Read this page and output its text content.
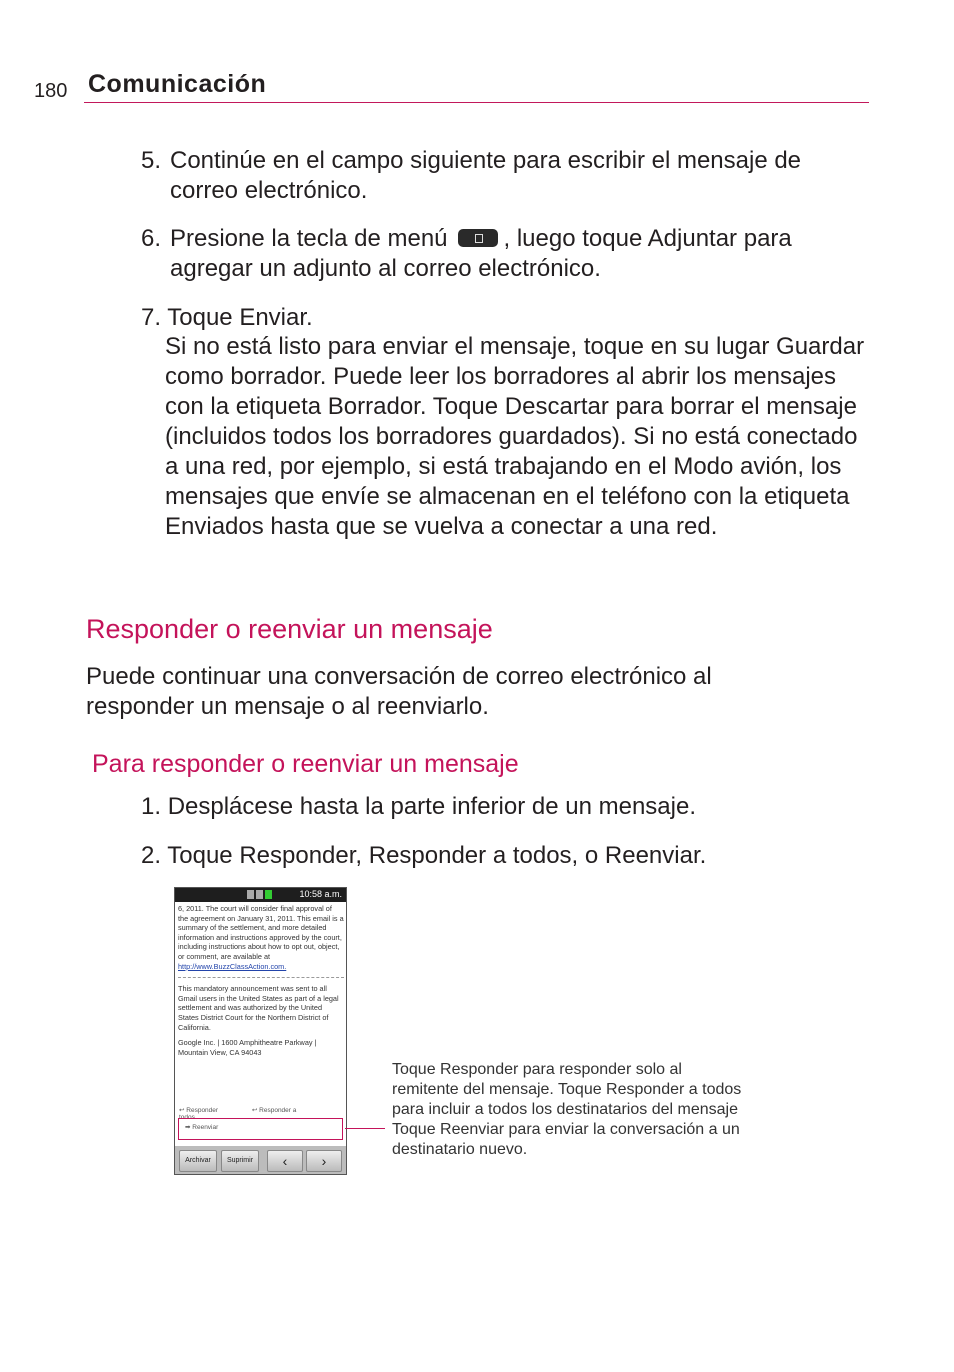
180 Comunicación
5. Continúe en el campo siguiente para escribir el mensaje de correo electrónico.
6. Presione la tecla de menú , luego toque Adjuntar para agregar un adjunto al correo electrónico.
7. Toque Enviar.
Si no está listo para enviar el mensaje, toque en su lugar Guardar como borrador. Puede leer los borradores al abrir los mensajes con la etiqueta Borrador. Toque Descartar para borrar el mensaje (incluidos todos los borradores guardados). Si no está conectado a una red, por ejemplo, si está trabajando en el Modo avión, los mensajes que envíe se almacenan en el teléfono con la etiqueta Enviados hasta que se vuelva a conectar a una red.
Responder o reenviar un mensaje
Puede continuar una conversación de correo electrónico al responder un mensaje o al reenviarlo.
Para responder o reenviar un mensaje
1. Desplácese hasta la parte inferior de un mensaje.
2. Toque Responder, Responder a todos, o Reenviar.
10:58 a.m.

6, 2011. The court will consider final approval of the agreement on January 31, 2011. This email is a summary of the settlement, and more detailed information and instructions approved by the court, including instructions about how to opt out, object, or comment, are available at

http://www.BuzzClassAction.com.

This mandatory announcement was sent to all Gmail users in the United States as part of a legal settlement and was authorized by the United States District Court for the Northern District of California.

Google Inc. | 1600 Amphitheatre Parkway | Mountain View, CA 94043

↩ Responder	↩ Responder a todos
➡ Reenviar
Archivar	Suprimir	‹	›
Toque Responder para responder solo al remitente del mensaje. Toque Responder a todos para incluir a todos los destinatarios del mensaje
Toque Reenviar para enviar la conversación a un destinatario nuevo.
